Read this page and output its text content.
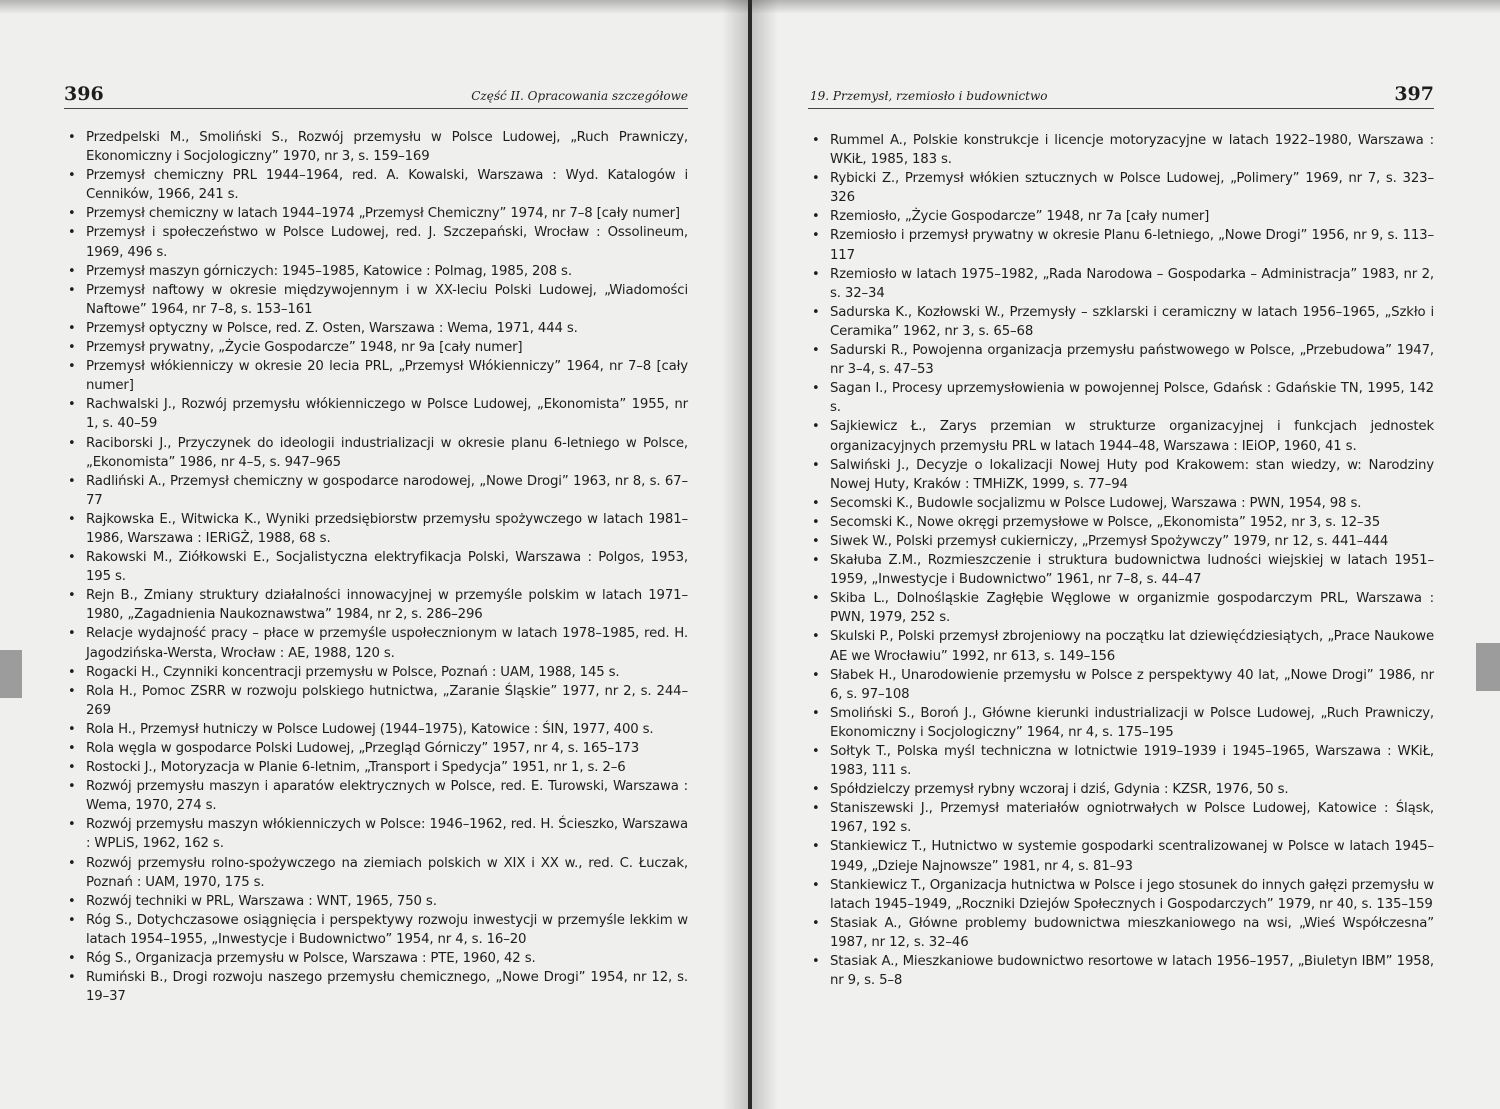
396	Część II. Opracowania szczegółowe
• Przedpelski M., Smoliński S., Rozwój przemysłu w Polsce Ludowej, „Ruch Prawniczy, Ekonomiczny i Socjologiczny” 1970, nr 3, s. 159–169
• Przemysł chemiczny PRL 1944–1964, red. A. Kowalski, Warszawa : Wyd. Katalogów i Cenników, 1966, 241 s.
• Przemysł chemiczny w latach 1944–1974 „Przemysł Chemiczny” 1974, nr 7–8 [cały numer]
• Przemysł i społeczeństwo w Polsce Ludowej, red. J. Szczepański, Wrocław : Ossolineum, 1969, 496 s.
• Przemysł maszyn górniczych: 1945–1985, Katowice : Polmag, 1985, 208 s.
• Przemysł naftowy w okresie międzywojennym i w XX-leciu Polski Ludowej, „Wiadomości Naftowe” 1964, nr 7–8, s. 153–161
• Przemysł optyczny w Polsce, red. Z. Osten, Warszawa : Wema, 1971, 444 s.
• Przemysł prywatny, „Życie Gospodarcze” 1948, nr 9a [cały numer]
• Przemysł włókienniczy w okresie 20 lecia PRL, „Przemysł Włókienniczy” 1964, nr 7–8 [cały numer]
• Rachwalski J., Rozwój przemysłu włókienniczego w Polsce Ludowej, „Ekonomista” 1955, nr 1, s. 40–59
• Raciborski J., Przyczynek do ideologii industrializacji w okresie planu 6-letniego w Polsce, „Ekonomista” 1986, nr 4–5, s. 947–965
• Radliński A., Przemysł chemiczny w gospodarce narodowej, „Nowe Drogi” 1963, nr 8, s. 67–77
• Rajkowska E., Witwicka K., Wyniki przedsiębiorstw przemysłu spożywczego w latach 1981–1986, Warszawa : IERiGŻ, 1988, 68 s.
• Rakowski M., Ziółkowski E., Socjalistyczna elektryfikacja Polski, Warszawa : Polgos, 1953, 195 s.
• Rejn B., Zmiany struktury działalności innowacyjnej w przemyśle polskim w latach 1971–1980, „Zagadnienia Naukoznawstwa” 1984, nr 2, s. 286–296
• Relacje wydajność pracy – płace w przemyśle uspołecznionym w latach 1978–1985, red. H. Jagodzińska-Wersta, Wrocław : AE, 1988, 120 s.
• Rogacki H., Czynniki koncentracji przemysłu w Polsce, Poznań : UAM, 1988, 145 s.
• Rola H., Pomoc ZSRR w rozwoju polskiego hutnictwa, „Zaranie Śląskie” 1977, nr 2, s. 244–269
• Rola H., Przemysł hutniczy w Polsce Ludowej (1944–1975), Katowice : ŚIN, 1977, 400 s.
• Rola węgla w gospodarce Polski Ludowej, „Przegląd Górniczy” 1957, nr 4, s. 165–173
• Rostocki J., Motoryzacja w Planie 6-letnim, „Transport i Spedycja” 1951, nr 1, s. 2–6
• Rozwój przemysłu maszyn i aparatów elektrycznych w Polsce, red. E. Turowski, Warszawa : Wema, 1970, 274 s.
• Rozwój przemysłu maszyn włókienniczych w Polsce: 1946–1962, red. H. Ścieszko, Warszawa : WPLiS, 1962, 162 s.
• Rozwój przemysłu rolno-spożywczego na ziemiach polskich w XIX i XX w., red. C. Łuczak, Poznań : UAM, 1970, 175 s.
• Rozwój techniki w PRL, Warszawa : WNT, 1965, 750 s.
• Róg S., Dotychczasowe osiągnięcia i perspektywy rozwoju inwestycji w przemyśle lekkim w latach 1954–1955, „Inwestycje i Budownictwo” 1954, nr 4, s. 16–20
• Róg S., Organizacja przemysłu w Polsce, Warszawa : PTE, 1960, 42 s.
• Rumiński B., Drogi rozwoju naszego przemysłu chemicznego, „Nowe Drogi” 1954, nr 12, s. 19–37
19. Przemysł, rzemiosło i budownictwo	397
• Rummel A., Polskie konstrukcje i licencje motoryzacyjne w latach 1922–1980, Warszawa : WKiŁ, 1985, 183 s.
• Rybicki Z., Przemysł włókien sztucznych w Polsce Ludowej, „Polimery” 1969, nr 7, s. 323–326
• Rzemiosło, „Życie Gospodarcze” 1948, nr 7a [cały numer]
• Rzemiosło i przemysł prywatny w okresie Planu 6-letniego, „Nowe Drogi” 1956, nr 9, s. 113–117
• Rzemiosło w latach 1975–1982, „Rada Narodowa – Gospodarka – Administracja” 1983, nr 2, s. 32–34
• Sadurska K., Kozłowski W., Przemysły – szklarski i ceramiczny w latach 1956–1965, „Szkło i Ceramika” 1962, nr 3, s. 65–68
• Sadurski R., Powojenna organizacja przemysłu państwowego w Polsce, „Przebudowa” 1947, nr 3–4, s. 47–53
• Sagan I., Procesy uprzemysłowienia w powojennej Polsce, Gdańsk : Gdańskie TN, 1995, 142 s.
• Sajkiewicz Ł., Zarys przemian w strukturze organizacyjnej i funkcjach jednostek organizacyjnych przemysłu PRL w latach 1944–48, Warszawa : IEiOP, 1960, 41 s.
• Salwiński J., Decyzje o lokalizacji Nowej Huty pod Krakowem: stan wiedzy, w: Narodziny Nowej Huty, Kraków : TMHiZK, 1999, s. 77–94
• Secomski K., Budowle socjalizmu w Polsce Ludowej, Warszawa : PWN, 1954, 98 s.
• Secomski K., Nowe okręgi przemysłowe w Polsce, „Ekonomista” 1952, nr 3, s. 12–35
• Siwek W., Polski przemysł cukierniczy, „Przemysł Spożywczy” 1979, nr 12, s. 441–444
• Skałuba Z.M., Rozmieszczenie i struktura budownictwa ludności wiejskiej w latach 1951–1959, „Inwestycje i Budownictwo” 1961, nr 7–8, s. 44–47
• Skiba L., Dolnośląskie Zagłębie Węglowe w organizmie gospodarczym PRL, Warszawa : PWN, 1979, 252 s.
• Skulski P., Polski przemysł zbrojeniowy na początku lat dziewięćdziesiątych, „Prace Naukowe AE we Wrocławiu” 1992, nr 613, s. 149–156
• Słabek H., Unarodowienie przemysłu w Polsce z perspektywy 40 lat, „Nowe Drogi” 1986, nr 6, s. 97–108
• Smoliński S., Boroń J., Główne kierunki industrializacji w Polsce Ludowej, „Ruch Prawniczy, Ekonomiczny i Socjologiczny” 1964, nr 4, s. 175–195
• Sołtyk T., Polska myśl techniczna w lotnictwie 1919–1939 i 1945–1965, Warszawa : WKiŁ, 1983, 111 s.
• Spółdzielczy przemysł rybny wczoraj i dziś, Gdynia : KZSR, 1976, 50 s.
• Staniszewski J., Przemysł materiałów ogniotrwałych w Polsce Ludowej, Katowice : Śląsk, 1967, 192 s.
• Stankiewicz T., Hutnictwo w systemie gospodarki scentralizowanej w Polsce w latach 1945–1949, „Dzieje Najnowsze” 1981, nr 4, s. 81–93
• Stankiewicz T., Organizacja hutnictwa w Polsce i jego stosunek do innych gałęzi przemysłu w latach 1945–1949, „Roczniki Dziejów Społecznych i Gospodarczych” 1979, nr 40, s. 135–159
• Stasiak A., Główne problemy budownictwa mieszkaniowego na wsi, „Wieś Współczesna” 1987, nr 12, s. 32–46
• Stasiak A., Mieszkaniowe budownictwo resortowe w latach 1956–1957, „Biuletyn IBM” 1958, nr 9, s. 5–8
